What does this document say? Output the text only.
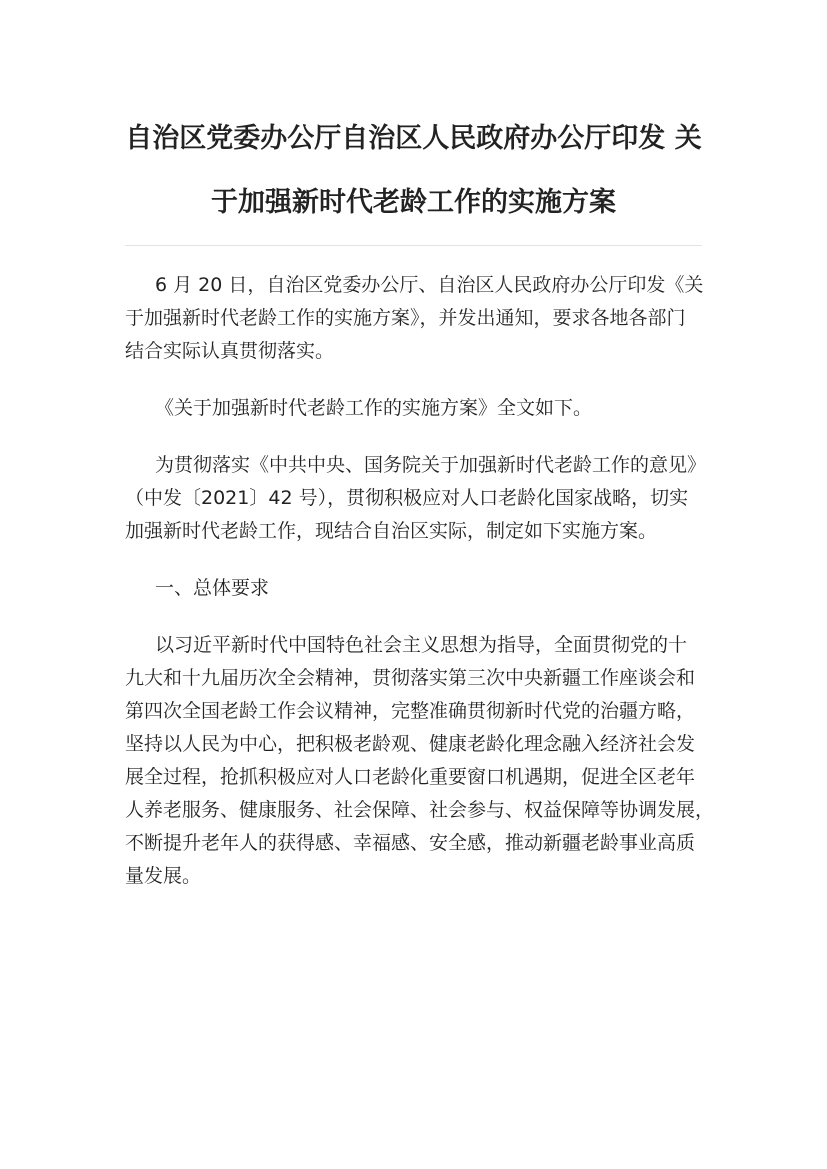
自治区党委办公厅自治区人民政府办公厅印发 关
于加强新时代老龄工作的实施方案
6 月 20 日，自治区党委办公厅、自治区人民政府办公厅印发《关
于加强新时代老龄工作的实施方案》，并发出通知，要求各地各部门
结合实际认真贯彻落实。
《关于加强新时代老龄工作的实施方案》全文如下。
为贯彻落实《中共中央、国务院关于加强新时代老龄工作的意见》
（中发〔2021〕42 号），贯彻积极应对人口老龄化国家战略，切实
加强新时代老龄工作，现结合自治区实际，制定如下实施方案。
一、总体要求
以习近平新时代中国特色社会主义思想为指导，全面贯彻党的十
九大和十九届历次全会精神，贯彻落实第三次中央新疆工作座谈会和
第四次全国老龄工作会议精神，完整准确贯彻新时代党的治疆方略，
坚持以人民为中心，把积极老龄观、健康老龄化理念融入经济社会发
展全过程，抢抓积极应对人口老龄化重要窗口机遇期，促进全区老年
人养老服务、健康服务、社会保障、社会参与、权益保障等协调发展，
不断提升老年人的获得感、幸福感、安全感，推动新疆老龄事业高质
量发展。
